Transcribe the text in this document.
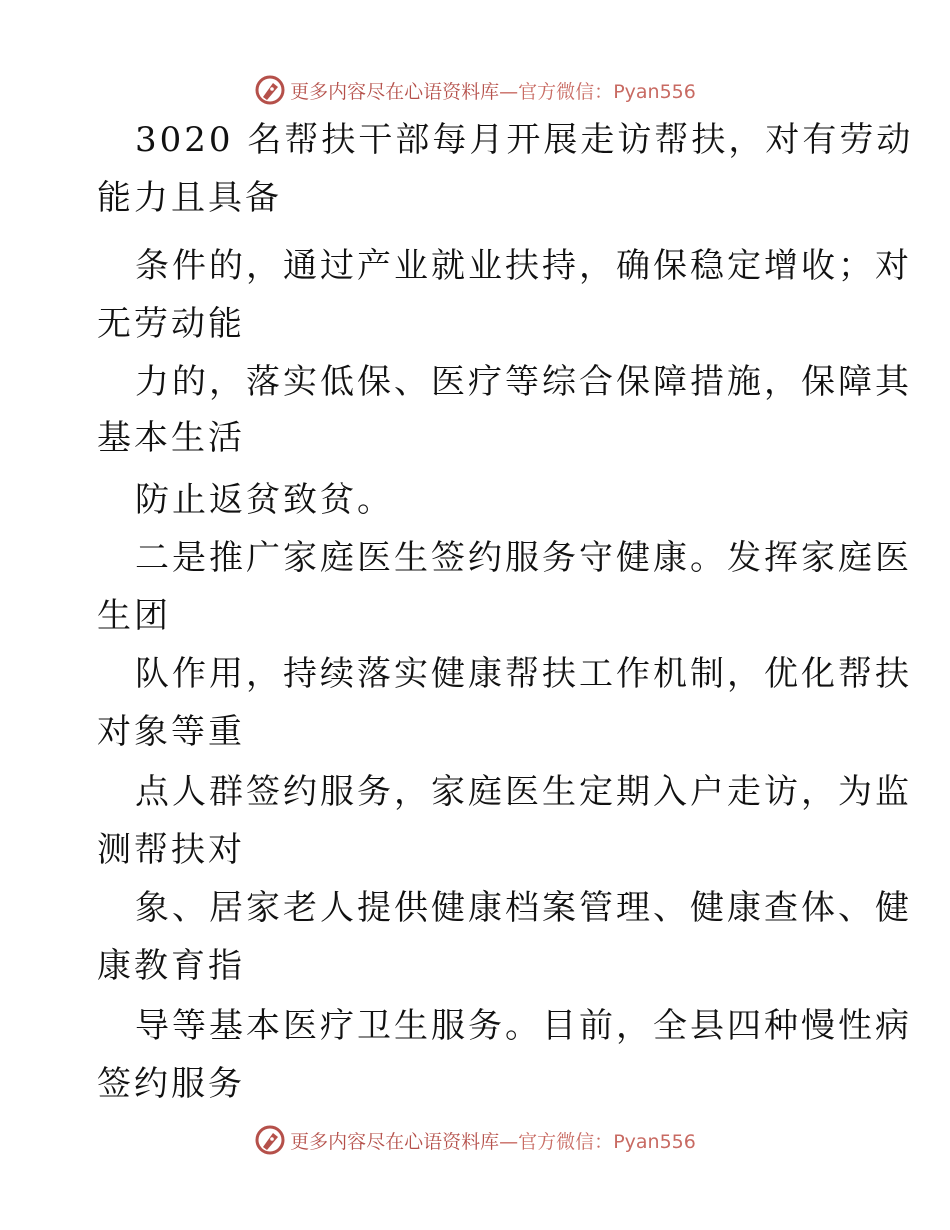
更多内容尽在心语资料库—官方微信：Pyan556
3020 名帮扶干部每月开展走访帮扶，对有劳动
能力且具备
条件的，通过产业就业扶持，确保稳定增收；对
无劳动能
力的，落实低保、医疗等综合保障措施，保障其
基本生活
防止返贫致贫。
二是推广家庭医生签约服务守健康。发挥家庭医
生团
队作用，持续落实健康帮扶工作机制，优化帮扶
对象等重
点人群签约服务，家庭医生定期入户走访，为监
测帮扶对
象、居家老人提供健康档案管理、健康查体、健
康教育指
导等基本医疗卫生服务。目前，全县四种慢性病
签约服务
更多内容尽在心语资料库—官方微信：Pyan556
